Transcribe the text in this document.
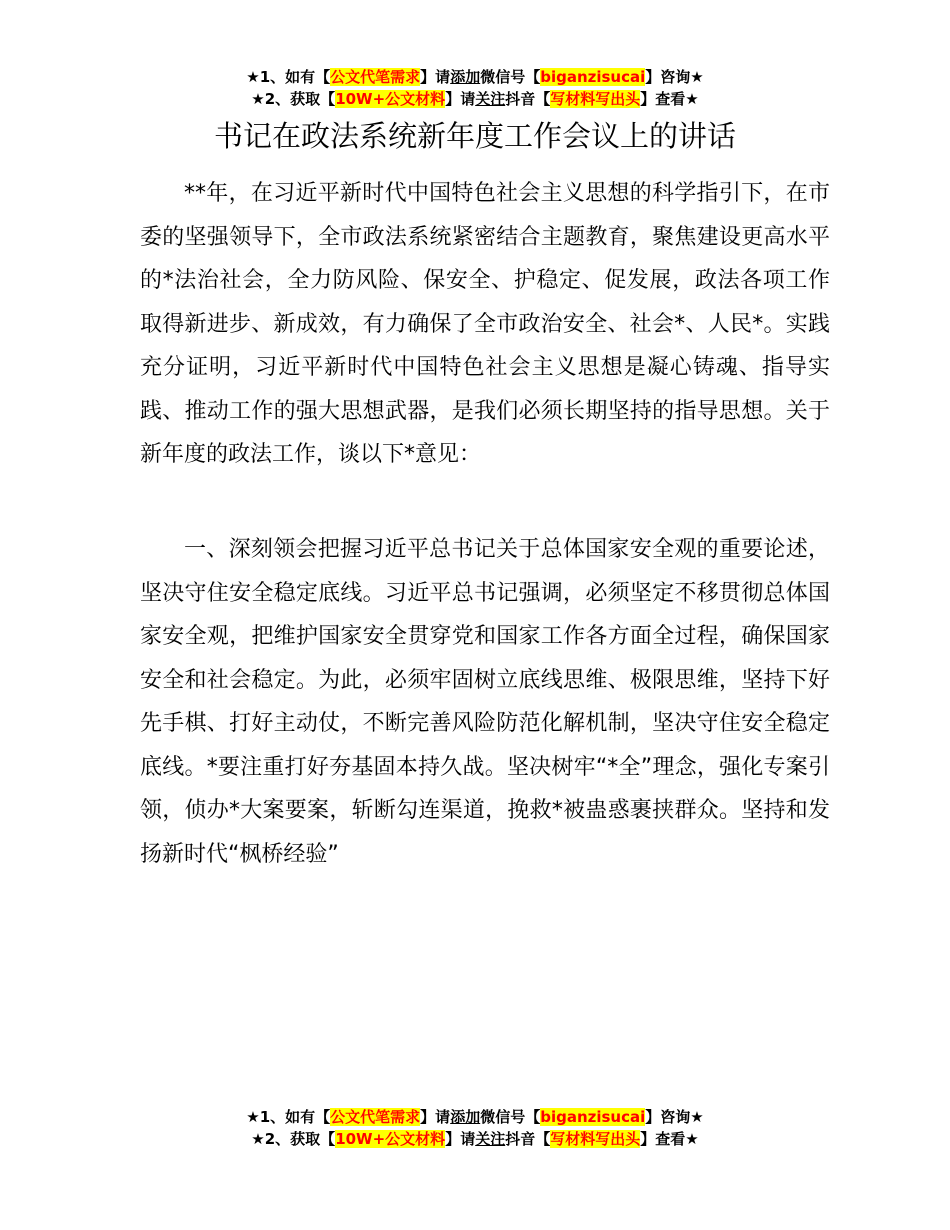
★1、如有【公文代笔需求】请添加微信号【biganzisucai】咨询★
★2、获取【10W+公文材料】请关注抖音【写材料写出头】查看★
书记在政法系统新年度工作会议上的讲话

**年，在习近平新时代中国特色社会主义思想的科学指引下，在市委的坚强领导下，全市政法系统紧密结合主题教育，聚焦建设更高水平的*法治社会，全力防风险、保安全、护稳定、促发展，政法各项工作取得新进步、新成效，有力确保了全市政治安全、社会*、人民*。实践充分证明，习近平新时代中国特色社会主义思想是凝心铸魂、指导实践、推动工作的强大思想武器，是我们必须长期坚持的指导思想。关于新年度的政法工作，谈以下*意见：

一、深刻领会把握习近平总书记关于总体国家安全观的重要论述，坚决守住安全稳定底线。习近平总书记强调，必须坚定不移贯彻总体国家安全观，把维护国家安全贯穿党和国家工作各方面全过程，确保国家安全和社会稳定。为此，必须牢固树立底线思维、极限思维，坚持下好先手棋、打好主动仗，不断完善风险防范化解机制，坚决守住安全稳定底线。*要注重打好夯基固本持久战。坚决树牢“*全”理念，强化专案引领，侦办*大案要案，斩断勾连渠道，挽救*被蛊惑裹挟群众。坚持和发扬新时代“枫桥经验”

★1、如有【公文代笔需求】请添加微信号【biganzisucai】咨询★
★2、获取【10W+公文材料】请关注抖音【写材料写出头】查看★
